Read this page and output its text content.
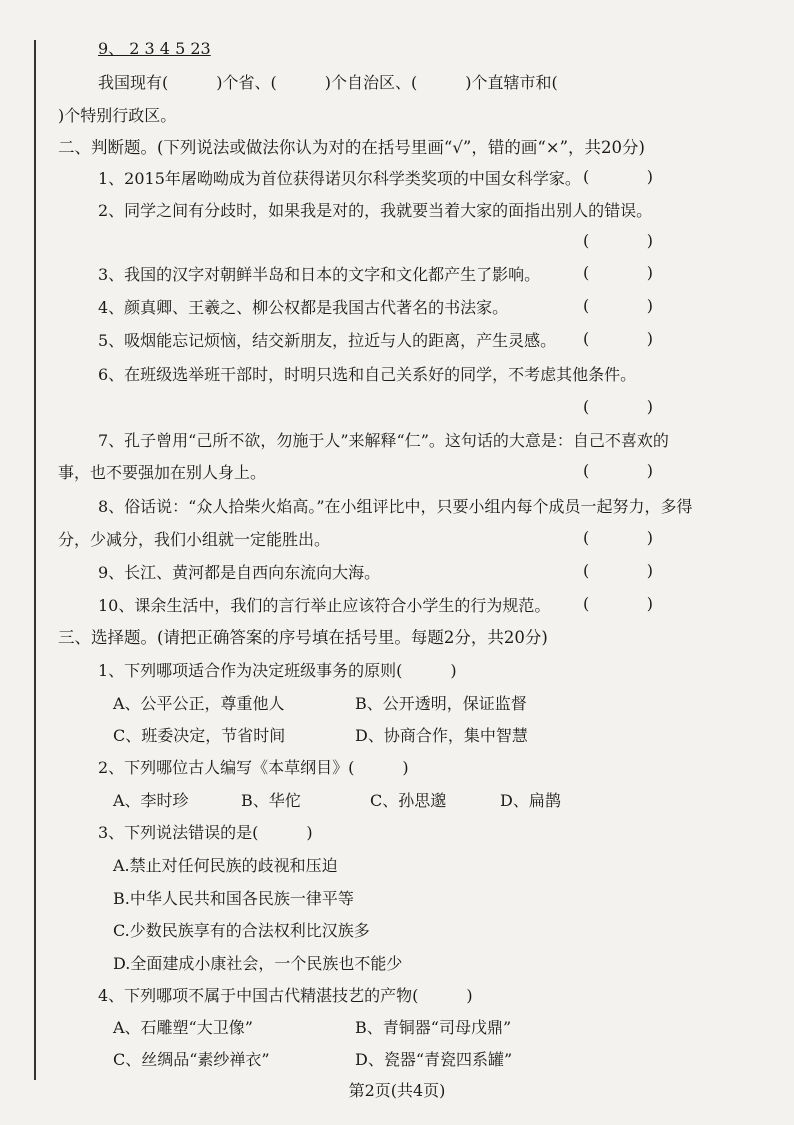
9、 2 3 4 5 23
我国现有(　　　)个省、(　　　)个自治区、(　　　)个直辖市和(
)个特别行政区。
二、判断题。(下列说法或做法你认为对的在括号里画“√”，错的画“×”，共20分)
1、2015年屠呦呦成为首位获得诺贝尔科学类奖项的中国女科学家。 (	)
2、同学之间有分歧时，如果我是对的，我就要当着大家的面指出别人的错误。
(	)
3、我国的汉字对朝鲜半岛和日本的文字和文化都产生了影响。	(	)
4、颜真卿、王羲之、柳公权都是我国古代著名的书法家。	(	)
5、吸烟能忘记烦恼，结交新朋友，拉近与人的距离，产生灵感。 (	)
6、在班级选举班干部时，时明只选和自己关系好的同学，不考虑其他条件。
(	)
7、孔子曾用“己所不欲，勿施于人”来解释“仁”。这句话的大意是：自己不喜欢的
事，也不要强加在别人身上。	(	)
8、俗话说：“众人拾柴火焰高。”在小组评比中，只要小组内每个成员一起努力，多得
分，少减分，我们小组就一定能胜出。	(	)
9、长江、黄河都是自西向东流向大海。	(	)
10、课余生活中，我们的言行举止应该符合小学生的行为规范。 (	)
三、选择题。(请把正确答案的序号填在括号里。每题2分，共20分)
1、下列哪项适合作为决定班级事务的原则(　　　)
A、公平公正，尊重他人	B、公开透明，保证监督
C、班委决定，节省时间	D、协商合作，集中智慧
2、下列哪位古人编写《本草纲目》(　　　)
A、李时珍	B、华佗	C、孙思邈	D、扁鹊
3、下列说法错误的是(　　　)
A.禁止对任何民族的歧视和压迫
B.中华人民共和国各民族一律平等
C.少数民族享有的合法权利比汉族多
D.全面建成小康社会，一个民族也不能少
4、下列哪项不属于中国古代精湛技艺的产物(　　　)
A、石雕塑“大卫像”	B、青铜器“司母戊鼎”
C、丝绸品“素纱禅衣”	D、瓷器“青瓷四系罐”
第2页(共4页)
